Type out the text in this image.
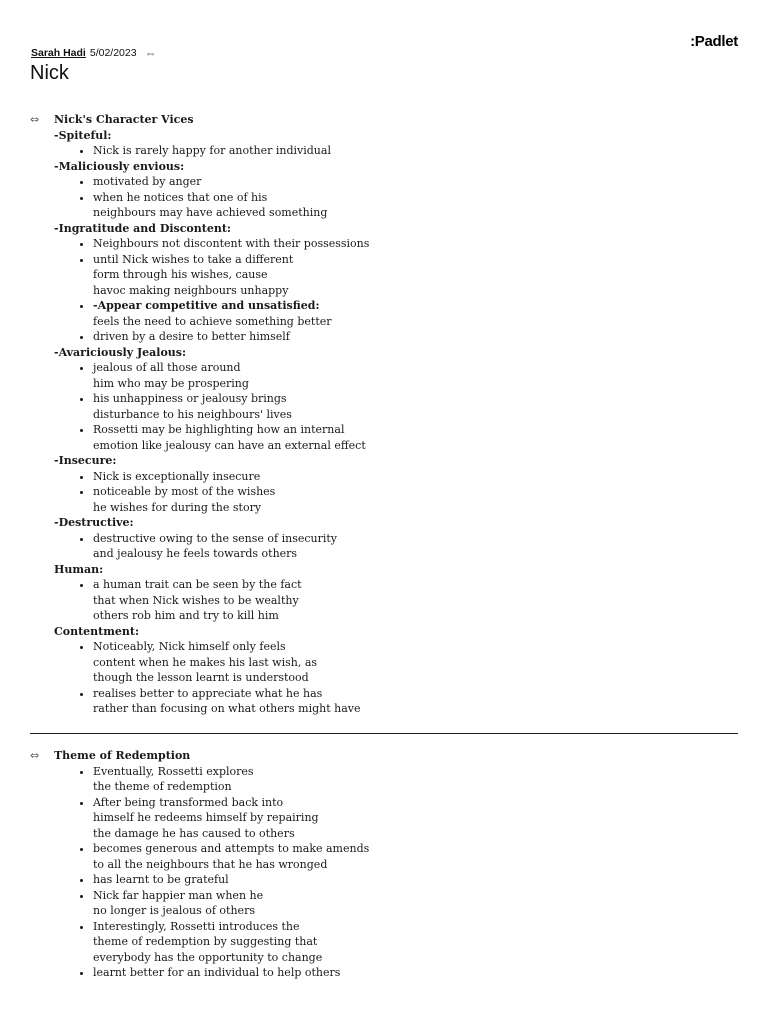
Sarah Hadi 5/02/2023 ⇔
:Padlet
Nick
⇔ Nick's Character Vices
-Spiteful:
• Nick is rarely happy for another individual
-Maliciously envious:
• motivated by anger
• when he notices that one of his
neighbours may have achieved something
-Ingratitude and Discontent:
• Neighbours not discontent with their possessions
• until Nick wishes to take a different
form through his wishes, cause
havoc making neighbours unhappy
• -Appear competitive and unsatisfied:
feels the need to achieve something better
• driven by a desire to better himself
-Avariciously Jealous:
• jealous of all those around
him who may be prospering
• his unhappiness or jealousy brings
disturbance to his neighbours' lives
• Rossetti may be highlighting how an internal
emotion like jealousy can have an external effect
-Insecure:
• Nick is exceptionally insecure
• noticeable by most of the wishes
he wishes for during the story
-Destructive:
• destructive owing to the sense of insecurity
and jealousy he feels towards others
Human:
• a human trait can be seen by the fact
that when Nick wishes to be wealthy
others rob him and try to kill him
Contentment:
• Noticeably, Nick himself only feels
content when he makes his last wish, as
though the lesson learnt is understood
• realises better to appreciate what he has
rather than focusing on what others might have
⇔ Theme of Redemption
• Eventually, Rossetti explores
the theme of redemption
• After being transformed back into
himself he redeems himself by repairing
the damage he has caused to others
• becomes generous and attempts to make amends
to all the neighbours that he has wronged
• has learnt to be grateful
• Nick far happier man when he
no longer is jealous of others
• Interestingly, Rossetti introduces the
theme of redemption by suggesting that
everybody has the opportunity to change
• learnt better for an individual to help others
